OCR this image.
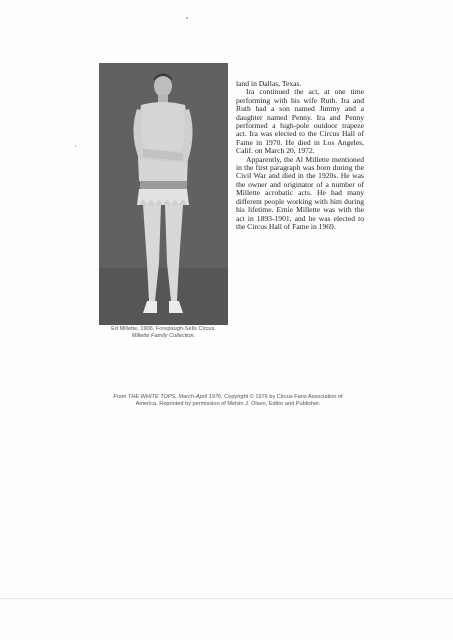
Ed Millette, 1906, Forepaugh-Sells Circus.
Millette Family Collection.

land in Dallas, Texas.

Ira continued the act, at one time performing with his wife Ruth. Ira and Ruth had a son named Jimmy and a daughter named Penny. Ira and Penny performed a high-pole outdoor trapeze act. Ira was elected to the Circus Hall of Fame in 1970. He died in Los Angeles, Calif. on March 20, 1972.

Apparently, the Al Millette mentioned in the first paragraph was born during the Civil War and died in the 1920s. He was the owner and originator of a number of Millette acrobatic acts. He had many different people working with him during his lifetime. Ernie Millette was with the act in 1893-1901, and he was elected to the Circus Hall of Fame in 1969.

From THE WHITE TOPS, March-April 1976. Copyright © 1976 by Circus Fans Association of America. Reprinted by permission of Melvin J. Olsen, Editor and Publisher.
